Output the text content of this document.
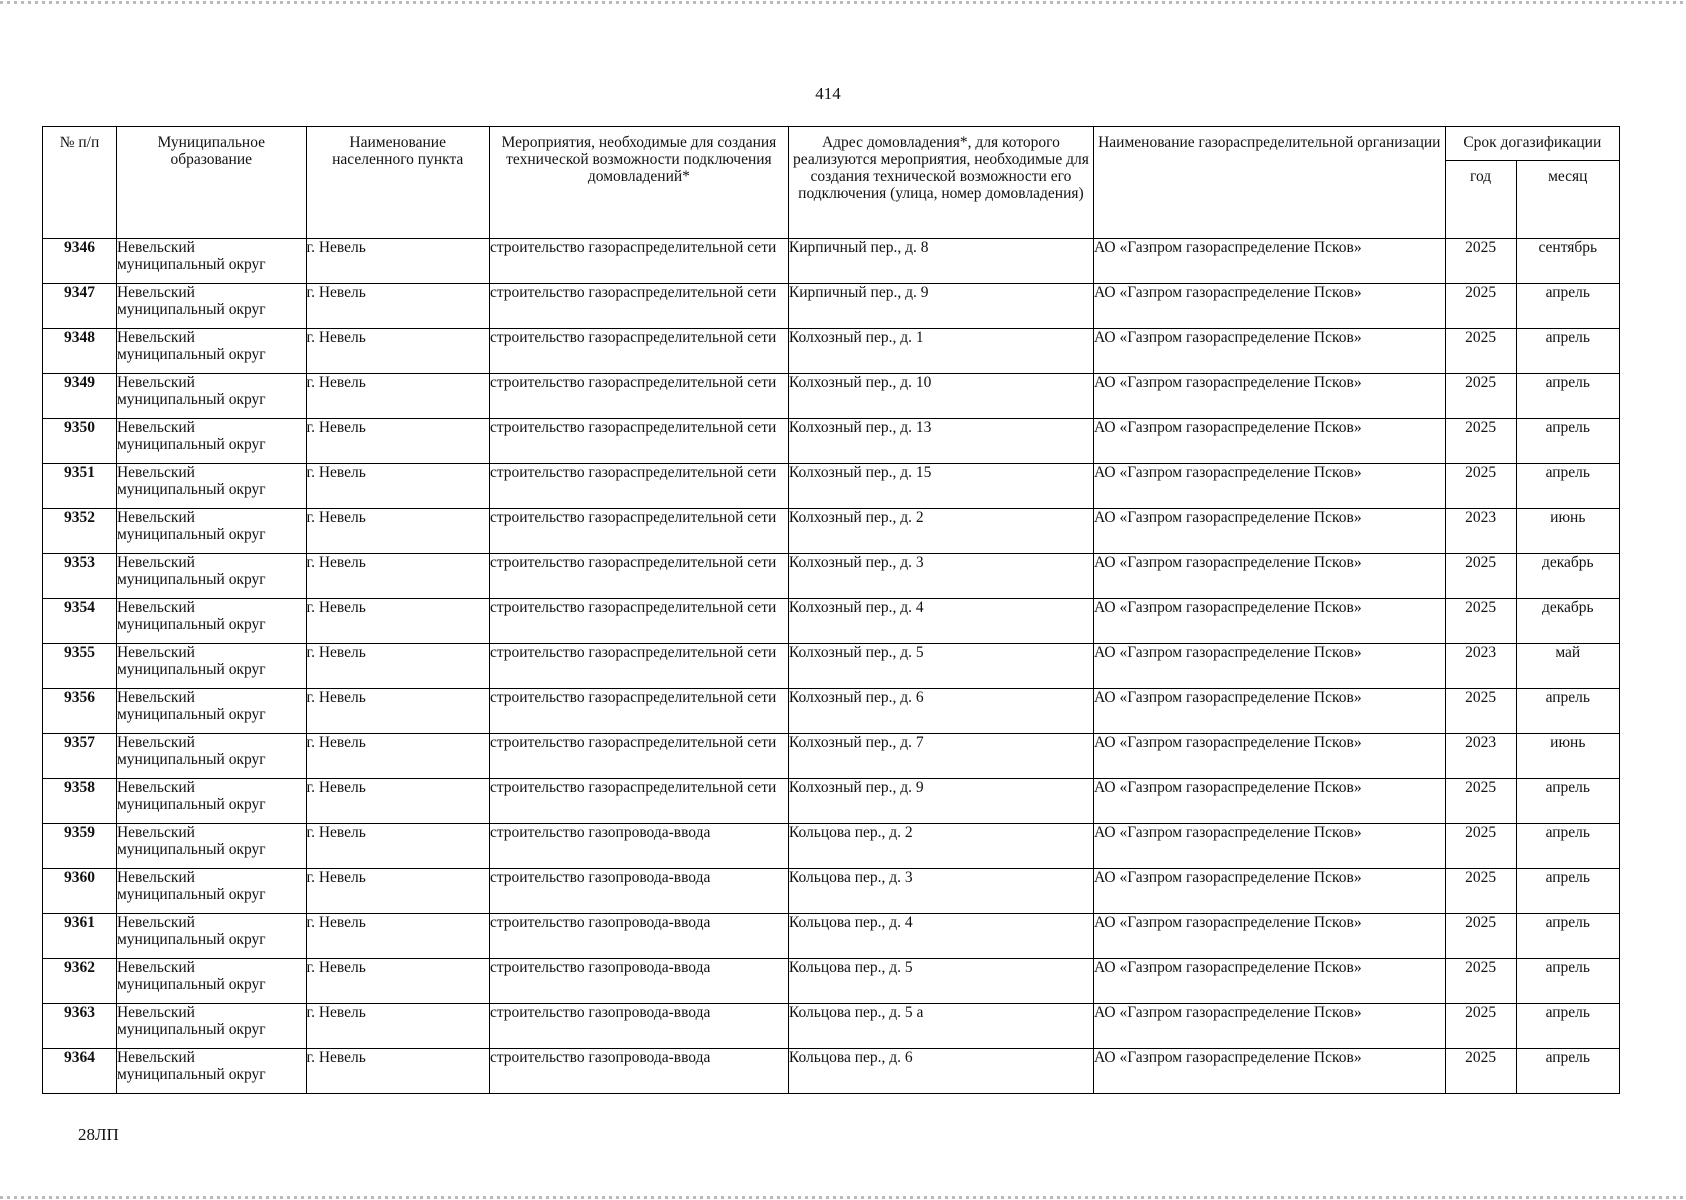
414
№ п/п	Муниципальное образование	Наименование населенного пункта	Мероприятия, необходимые для создания технической возможности подключения домовладений*	Адрес домовладения*, для которого реализуются мероприятия, необходимые для создания технической возможности его подключения (улица, номер домовладения)	Наименование газораспределительной организации	Срок догазификации	
						год	месяц
9346	Невельский муниципальный округ	г. Невель	строительство газораспределительной сети	Кирпичный пер., д. 8	АО «Газпром газораспределение Псков»	2025	сентябрь
9347	Невельский муниципальный округ	г. Невель	строительство газораспределительной сети	Кирпичный пер., д. 9	АО «Газпром газораспределение Псков»	2025	апрель
9348	Невельский муниципальный округ	г. Невель	строительство газораспределительной сети	Колхозный пер., д. 1	АО «Газпром газораспределение Псков»	2025	апрель
9349	Невельский муниципальный округ	г. Невель	строительство газораспределительной сети	Колхозный пер., д. 10	АО «Газпром газораспределение Псков»	2025	апрель
9350	Невельский муниципальный округ	г. Невель	строительство газораспределительной сети	Колхозный пер., д. 13	АО «Газпром газораспределение Псков»	2025	апрель
9351	Невельский муниципальный округ	г. Невель	строительство газораспределительной сети	Колхозный пер., д. 15	АО «Газпром газораспределение Псков»	2025	апрель
9352	Невельский муниципальный округ	г. Невель	строительство газораспределительной сети	Колхозный пер., д. 2	АО «Газпром газораспределение Псков»	2023	июнь
9353	Невельский муниципальный округ	г. Невель	строительство газораспределительной сети	Колхозный пер., д. 3	АО «Газпром газораспределение Псков»	2025	декабрь
9354	Невельский муниципальный округ	г. Невель	строительство газораспределительной сети	Колхозный пер., д. 4	АО «Газпром газораспределение Псков»	2025	декабрь
9355	Невельский муниципальный округ	г. Невель	строительство газораспределительной сети	Колхозный пер., д. 5	АО «Газпром газораспределение Псков»	2023	май
9356	Невельский муниципальный округ	г. Невель	строительство газораспределительной сети	Колхозный пер., д. 6	АО «Газпром газораспределение Псков»	2025	апрель
9357	Невельский муниципальный округ	г. Невель	строительство газораспределительной сети	Колхозный пер., д. 7	АО «Газпром газораспределение Псков»	2023	июнь
9358	Невельский муниципальный округ	г. Невель	строительство газораспределительной сети	Колхозный пер., д. 9	АО «Газпром газораспределение Псков»	2025	апрель
9359	Невельский муниципальный округ	г. Невель	строительство газопровода-ввода	Кольцова пер., д. 2	АО «Газпром газораспределение Псков»	2025	апрель
9360	Невельский муниципальный округ	г. Невель	строительство газопровода-ввода	Кольцова пер., д. 3	АО «Газпром газораспределение Псков»	2025	апрель
9361	Невельский муниципальный округ	г. Невель	строительство газопровода-ввода	Кольцова пер., д. 4	АО «Газпром газораспределение Псков»	2025	апрель
9362	Невельский муниципальный округ	г. Невель	строительство газопровода-ввода	Кольцова пер., д. 5	АО «Газпром газораспределение Псков»	2025	апрель
9363	Невельский муниципальный округ	г. Невель	строительство газопровода-ввода	Кольцова пер., д. 5 а	АО «Газпром газораспределение Псков»	2025	апрель
9364	Невельский муниципальный округ	г. Невель	строительство газопровода-ввода	Кольцова пер., д. 6	АО «Газпром газораспределение Псков»	2025	апрель
28ЛП
